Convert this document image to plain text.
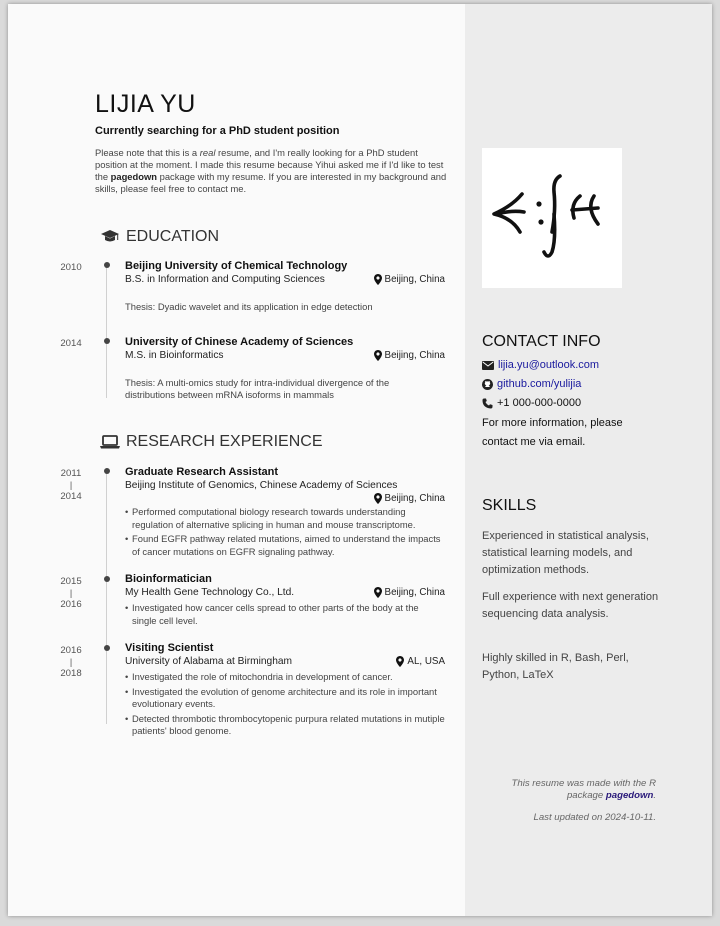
LIJIA YU
Currently searching for a PhD student position
Please note that this is a real resume, and I'm really looking for a PhD student position at the moment. I made this resume because Yihui asked me if I'd like to test the pagedown package with my resume. If you are interested in my background and skills, please feel free to contact me.
EDUCATION
2010	Beijing University of Chemical Technology
B.S. in Information and Computing Sciences	Beijing, China
Thesis: Dyadic wavelet and its application in edge detection
2014	University of Chinese Academy of Sciences
M.S. in Bioinformatics	Beijing, China
Thesis: A multi-omics study for intra-individual divergence of the distributions between mRNA isoforms in mammals
RESEARCH EXPERIENCE
2011
|
2014
Graduate Research Assistant
Beijing Institute of Genomics, Chinese Academy of Sciences
Beijing, China
• Performed computational biology research towards understanding regulation of alternative splicing in human and mouse transcriptome.
• Found EGFR pathway related mutations, aimed to understand the impacts of cancer mutations on EGFR signaling pathway.
2015
|
2016
Bioinformatician
My Health Gene Technology Co., Ltd.	Beijing, China
• Investigated how cancer cells spread to other parts of the body at the single cell level.
2016
|
2018
Visiting Scientist
University of Alabama at Birmingham	AL, USA
• Investigated the role of mitochondria in development of cancer.
• Investigated the evolution of genome architecture and its role in important evolutionary events.
• Detected thrombotic thrombocytopenic purpura related mutations in mutiple patients' blood genome.
CONTACT INFO
lijia.yu@outlook.com
github.com/yulijia
+1 000-000-0000
For more information, please contact me via email.
SKILLS
Experienced in statistical analysis, statistical learning models, and optimization methods.
Full experience with next generation sequencing data analysis.
Highly skilled in R, Bash, Perl, Python, LaTeX
This resume was made with the R package pagedown.
Last updated on 2024-10-11.
